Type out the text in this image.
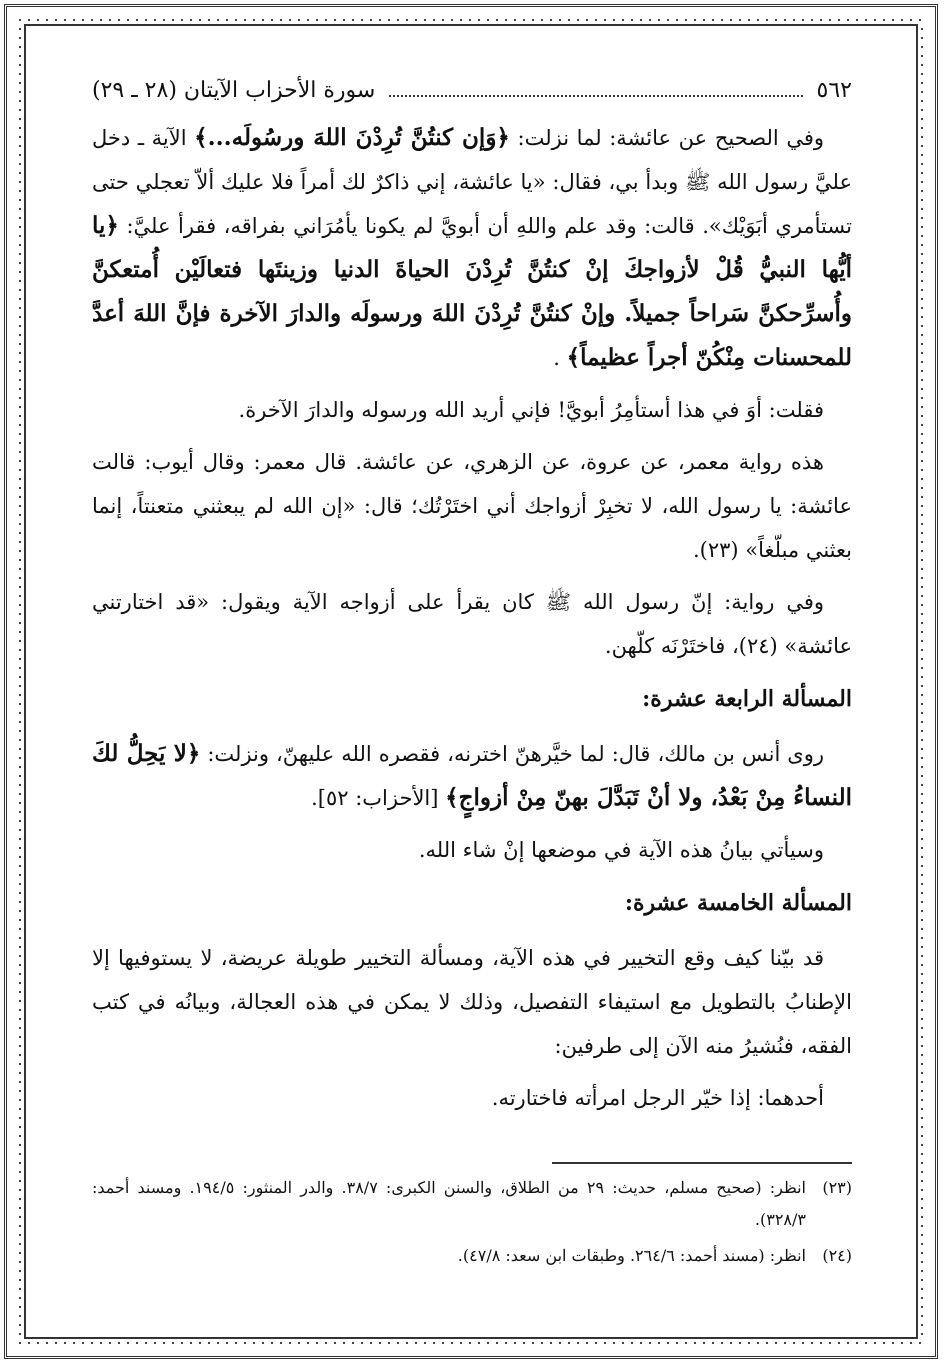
٥٦٢
سورة الأحزاب الآيتان (٢٨ ـ ٢٩)

وفي الصحيح عن عائشة: لما نزلت: ﴿وَإن كنتُنَّ تُرِدْنَ اللهَ ورسُولَه...﴾ الآية ـ دخل عليَّ رسول الله ﷺ وبدأ بي، فقال: «يا عائشة، إني ذاكرٌ لك أمراً فلا عليك ألاّ تعجلي حتى تستأمري أبَوَيْك». قالت: وقد علم واللهِ أن أبويَّ لم يكونا يأمُرَاني بفراقه، فقرأ عليَّ: ﴿يا أيُّها النبيُّ قُلْ لأزواجكَ إنْ كنتُنَّ تُرِدْنَ الحياةَ الدنيا وزينتَها فتعالَيْن أُمتعكنَّ وأُسرِّحكنَّ سَراحاً جميلاً. وإنْ كنتُنَّ تُرِدْنَ اللهَ ورسولَه والدارَ الآخرة فإنَّ اللهَ أعدَّ للمحسنات مِنْكُنّ أجراً عظيماً﴾ .

فقلت: أوَ في هذا أستأمِرُ أبويَّ! فإني أريد الله ورسوله والدارَ الآخرة.

هذه رواية معمر، عن عروة، عن الزهري، عن عائشة. قال معمر: وقال أيوب: قالت عائشة: يا رسول الله، لا تخبِرْ أزواجك أني اختَرْتُك؛ قال: «إن الله لم يبعثني متعنتاً، إنما بعثني مبلّغاً» (٢٣).

وفي رواية: إنّ رسول الله ﷺ كان يقرأ على أزواجه الآية ويقول: «قد اختارتني عائشة» (٢٤)، فاختَرْنَه كلّهن.

المسألة الرابعة عشرة:

روى أنس بن مالك، قال: لما خيَّرهنّ اخترنه، فقصره الله عليهنّ، ونزلت: ﴿لا يَحِلُّ لكَ النساءُ مِنْ بَعْدُ، ولا أنْ تَبَدَّلَ بهنّ مِنْ أزواجٍ﴾ [الأحزاب: ٥٢].

وسيأتي بيانُ هذه الآية في موضعها إنْ شاء الله.

المسألة الخامسة عشرة:

قد بيّنا كيف وقع التخيير في هذه الآية، ومسألة التخيير طويلة عريضة، لا يستوفيها إلا الإطنابُ بالتطويل مع استيفاء التفصيل، وذلك لا يمكن في هذه العجالة، وبيانُه في كتب الفقه، فنُشيرُ منه الآن إلى طرفين:

أحدهما: إذا خيّر الرجل امرأته فاختارته.

(٢٣)
انظر: (صحيح مسلم، حديث: ٢٩ من الطلاق، والسنن الكبرى: ٣٨/٧. والدر المنثور: ١٩٤/٥. ومسند أحمد: ٣٢٨/٣).
(٢٤)
انظر: (مسند أحمد: ٢٦٤/٦. وطبقات ابن سعد: ٤٧/٨).
